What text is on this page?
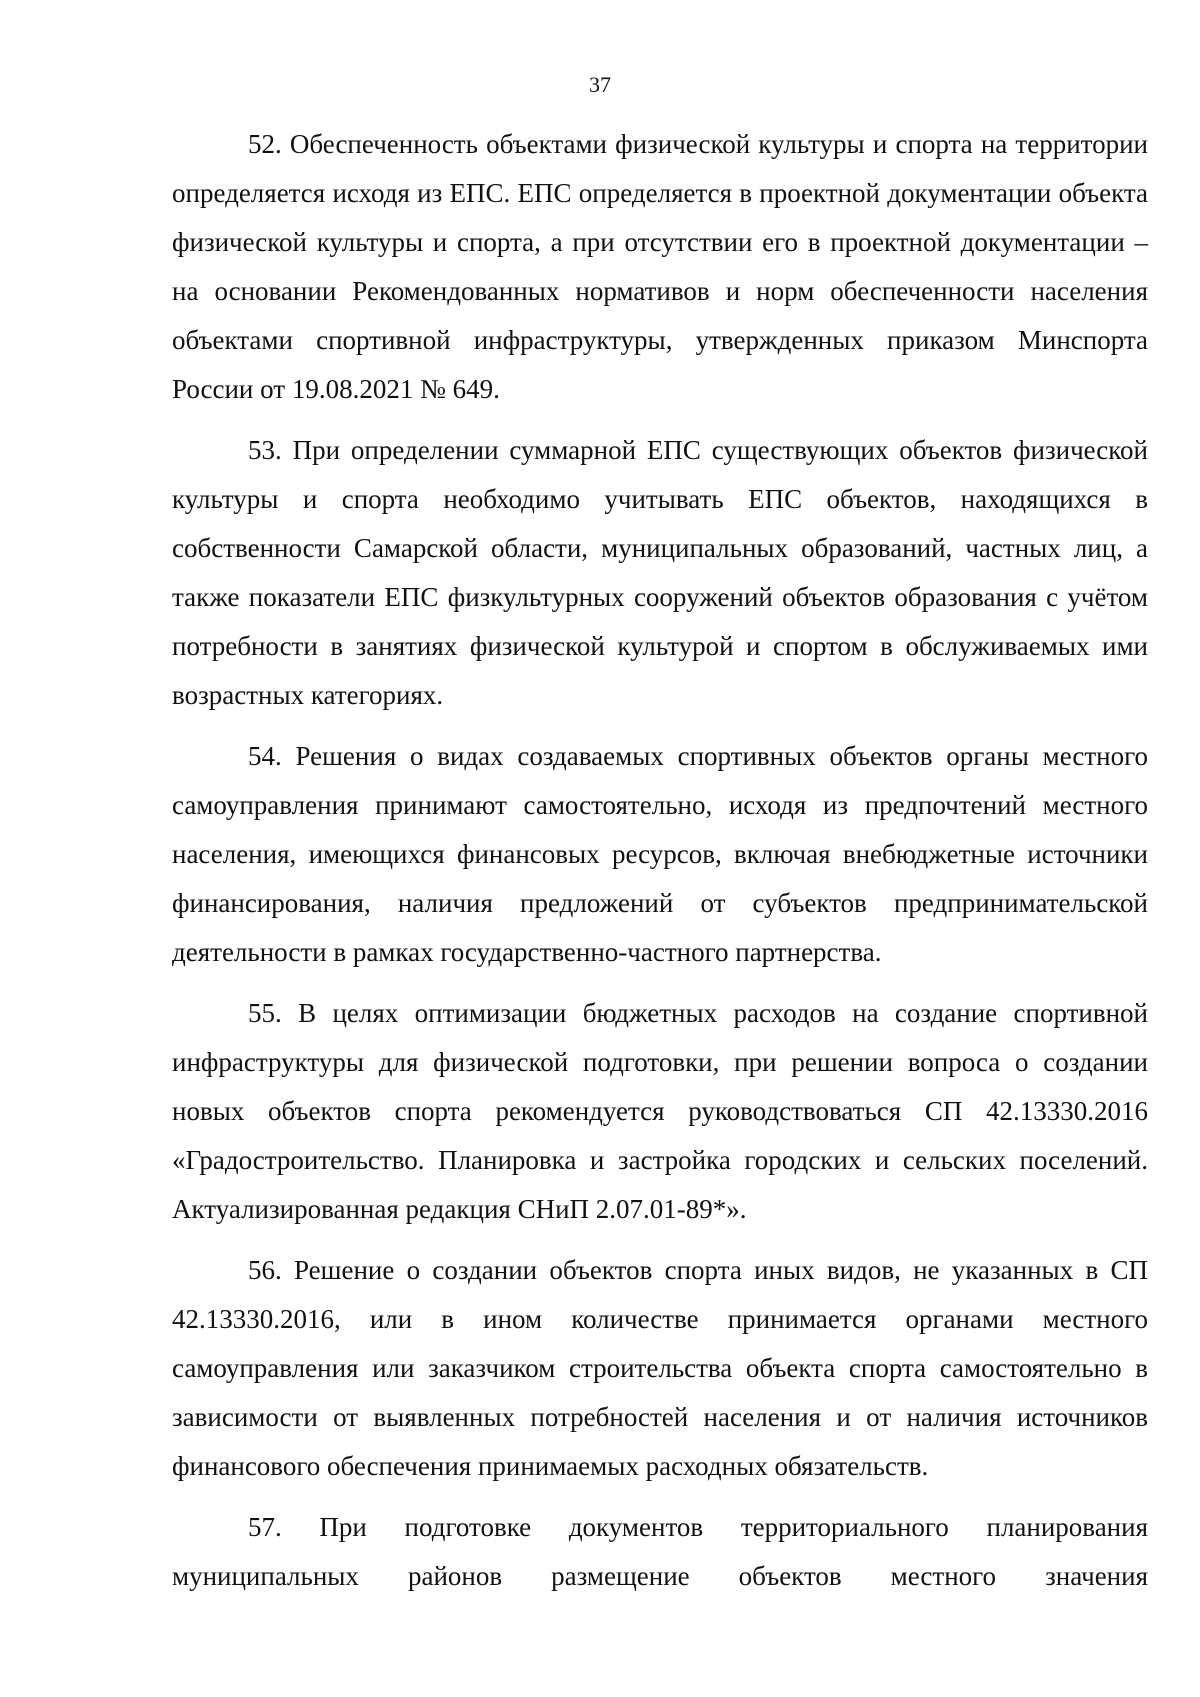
37

52. Обеспеченность объектами физической культуры и спорта на территории определяется исходя из ЕПС. ЕПС определяется в проектной документации объекта физической культуры и спорта, а при отсутствии его в проектной документации – на основании Рекомендованных нормативов и норм обеспеченности населения объектами спортивной инфраструктуры, утвержденных приказом Минспорта России от 19.08.2021 № 649.

53. При определении суммарной ЕПС существующих объектов физической культуры и спорта необходимо учитывать ЕПС объектов, находящихся в собственности Самарской области, муниципальных образований, частных лиц, а также показатели ЕПС физкультурных сооружений объектов образования с учётом потребности в занятиях физической культурой и спортом в обслуживаемых ими возрастных категориях.

54. Решения о видах создаваемых спортивных объектов органы местного самоуправления принимают самостоятельно, исходя из предпочтений местного населения, имеющихся финансовых ресурсов, включая внебюджетные источники финансирования, наличия предложений от субъектов предпринимательской деятельности в рамках государственно-частного партнерства.

55. В целях оптимизации бюджетных расходов на создание спортивной инфраструктуры для физической подготовки, при решении вопроса о создании новых объектов спорта рекомендуется руководствоваться СП 42.13330.2016 «Градостроительство. Планировка и застройка городских и сельских поселений. Актуализированная редакция СНиП 2.07.01-89*».

56. Решение о создании объектов спорта иных видов, не указанных в СП 42.13330.2016, или в ином количестве принимается органами местного самоуправления или заказчиком строительства объекта спорта самостоятельно в зависимости от выявленных потребностей населения и от наличия источников финансового обеспечения принимаемых расходных обязательств.

57. При подготовке документов территориального планирования муниципальных районов размещение объектов местного значения
